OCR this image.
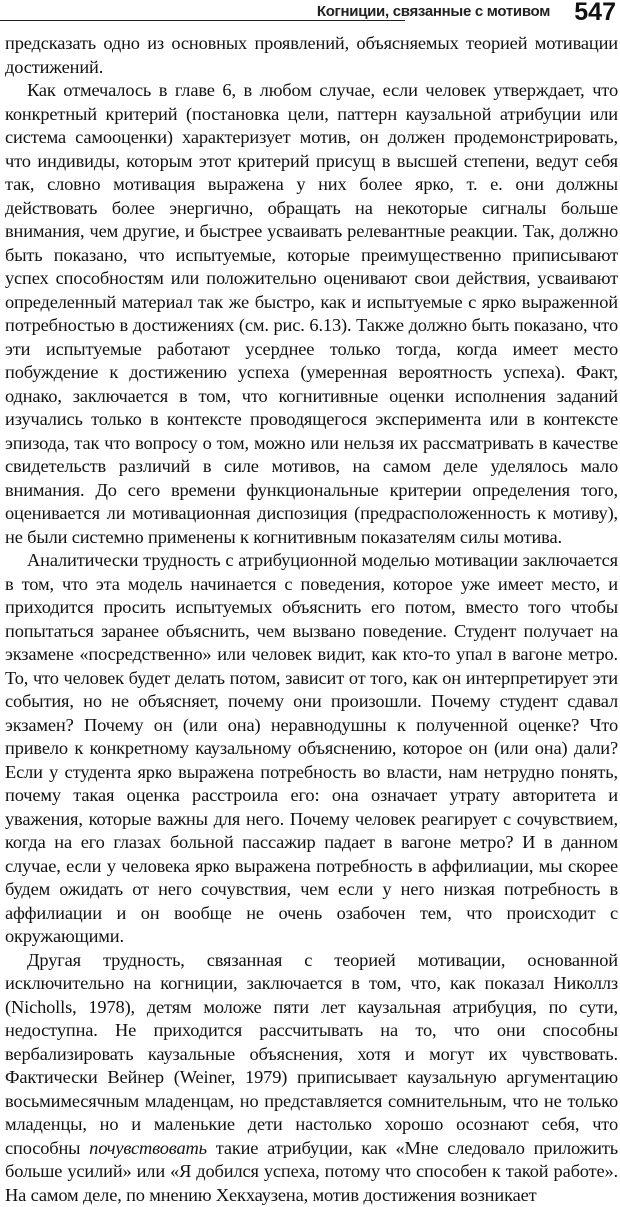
Когниции, связанные с мотивом 547

предсказать одно из основных проявлений, объясняемых теорией мотивации достижений.

Как отмечалось в главе 6, в любом случае, если человек утверждает, что конкретный критерий (постановка цели, паттерн каузальной атрибуции или система самооценки) характеризует мотив, он должен продемонстрировать, что индивиды, которым этот критерий присущ в высшей степени, ведут себя так, словно мотивация выражена у них более ярко, т. е. они должны действовать более энергично, обращать на некоторые сигналы больше внимания, чем другие, и быстрее усваивать релевантные реакции. Так, должно быть показано, что испытуемые, которые преимущественно приписывают успех способностям или положительно оценивают свои действия, усваивают определенный материал так же быстро, как и испытуемые с ярко выраженной потребностью в достижениях (см. рис. 6.13). Также должно быть показано, что эти испытуемые работают усерднее только тогда, когда имеет место побуждение к достижению успеха (умеренная вероятность успеха). Факт, однако, заключается в том, что когнитивные оценки исполнения заданий изучались только в контексте проводящегося эксперимента или в контексте эпизода, так что вопросу о том, можно или нельзя их рассматривать в качестве свидетельств различий в силе мотивов, на самом деле уделялось мало внимания. До сего времени функциональные критерии определения того, оценивается ли мотивационная диспозиция (предрасположенность к мотиву), не были системно применены к когнитивным показателям силы мотива.

Аналитически трудность с атрибуционной моделью мотивации заключается в том, что эта модель начинается с поведения, которое уже имеет место, и приходится просить испытуемых объяснить его потом, вместо того чтобы попытаться заранее объяснить, чем вызвано поведение. Студент получает на экзамене «посредственно» или человек видит, как кто-то упал в вагоне метро. То, что человек будет делать потом, зависит от того, как он интерпретирует эти события, но не объясняет, почему они произошли. Почему студент сдавал экзамен? Почему он (или она) неравнодушны к полученной оценке? Что привело к конкретному каузальному объяснению, которое он (или она) дали? Если у студента ярко выражена потребность во власти, нам нетрудно понять, почему такая оценка расстроила его: она означает утрату авторитета и уважения, которые важны для него. Почему человек реагирует с сочувствием, когда на его глазах больной пассажир падает в вагоне метро? И в данном случае, если у человека ярко выражена потребность в аффилиации, мы скорее будем ожидать от него сочувствия, чем если у него низкая потребность в аффилиации и он вообще не очень озабочен тем, что происходит с окружающими.

Другая трудность, связанная с теорией мотивации, основанной исключительно на когниции, заключается в том, что, как показал Николлз (Nicholls, 1978), детям моложе пяти лет каузальная атрибуция, по сути, недоступна. Не приходится рассчитывать на то, что они способны вербализировать каузальные объяснения, хотя и могут их чувствовать. Фактически Вейнер (Weiner, 1979) приписывает каузальную аргументацию восьмимесячным младенцам, но представляется сомнительным, что не только младенцы, но и маленькие дети настолько хорошо осознают себя, что способны почувствовать такие атрибуции, как «Мне следовало приложить больше усилий» или «Я добился успеха, потому что способен к такой работе». На самом деле, по мнению Хекхаузена, мотив достижения возникает
